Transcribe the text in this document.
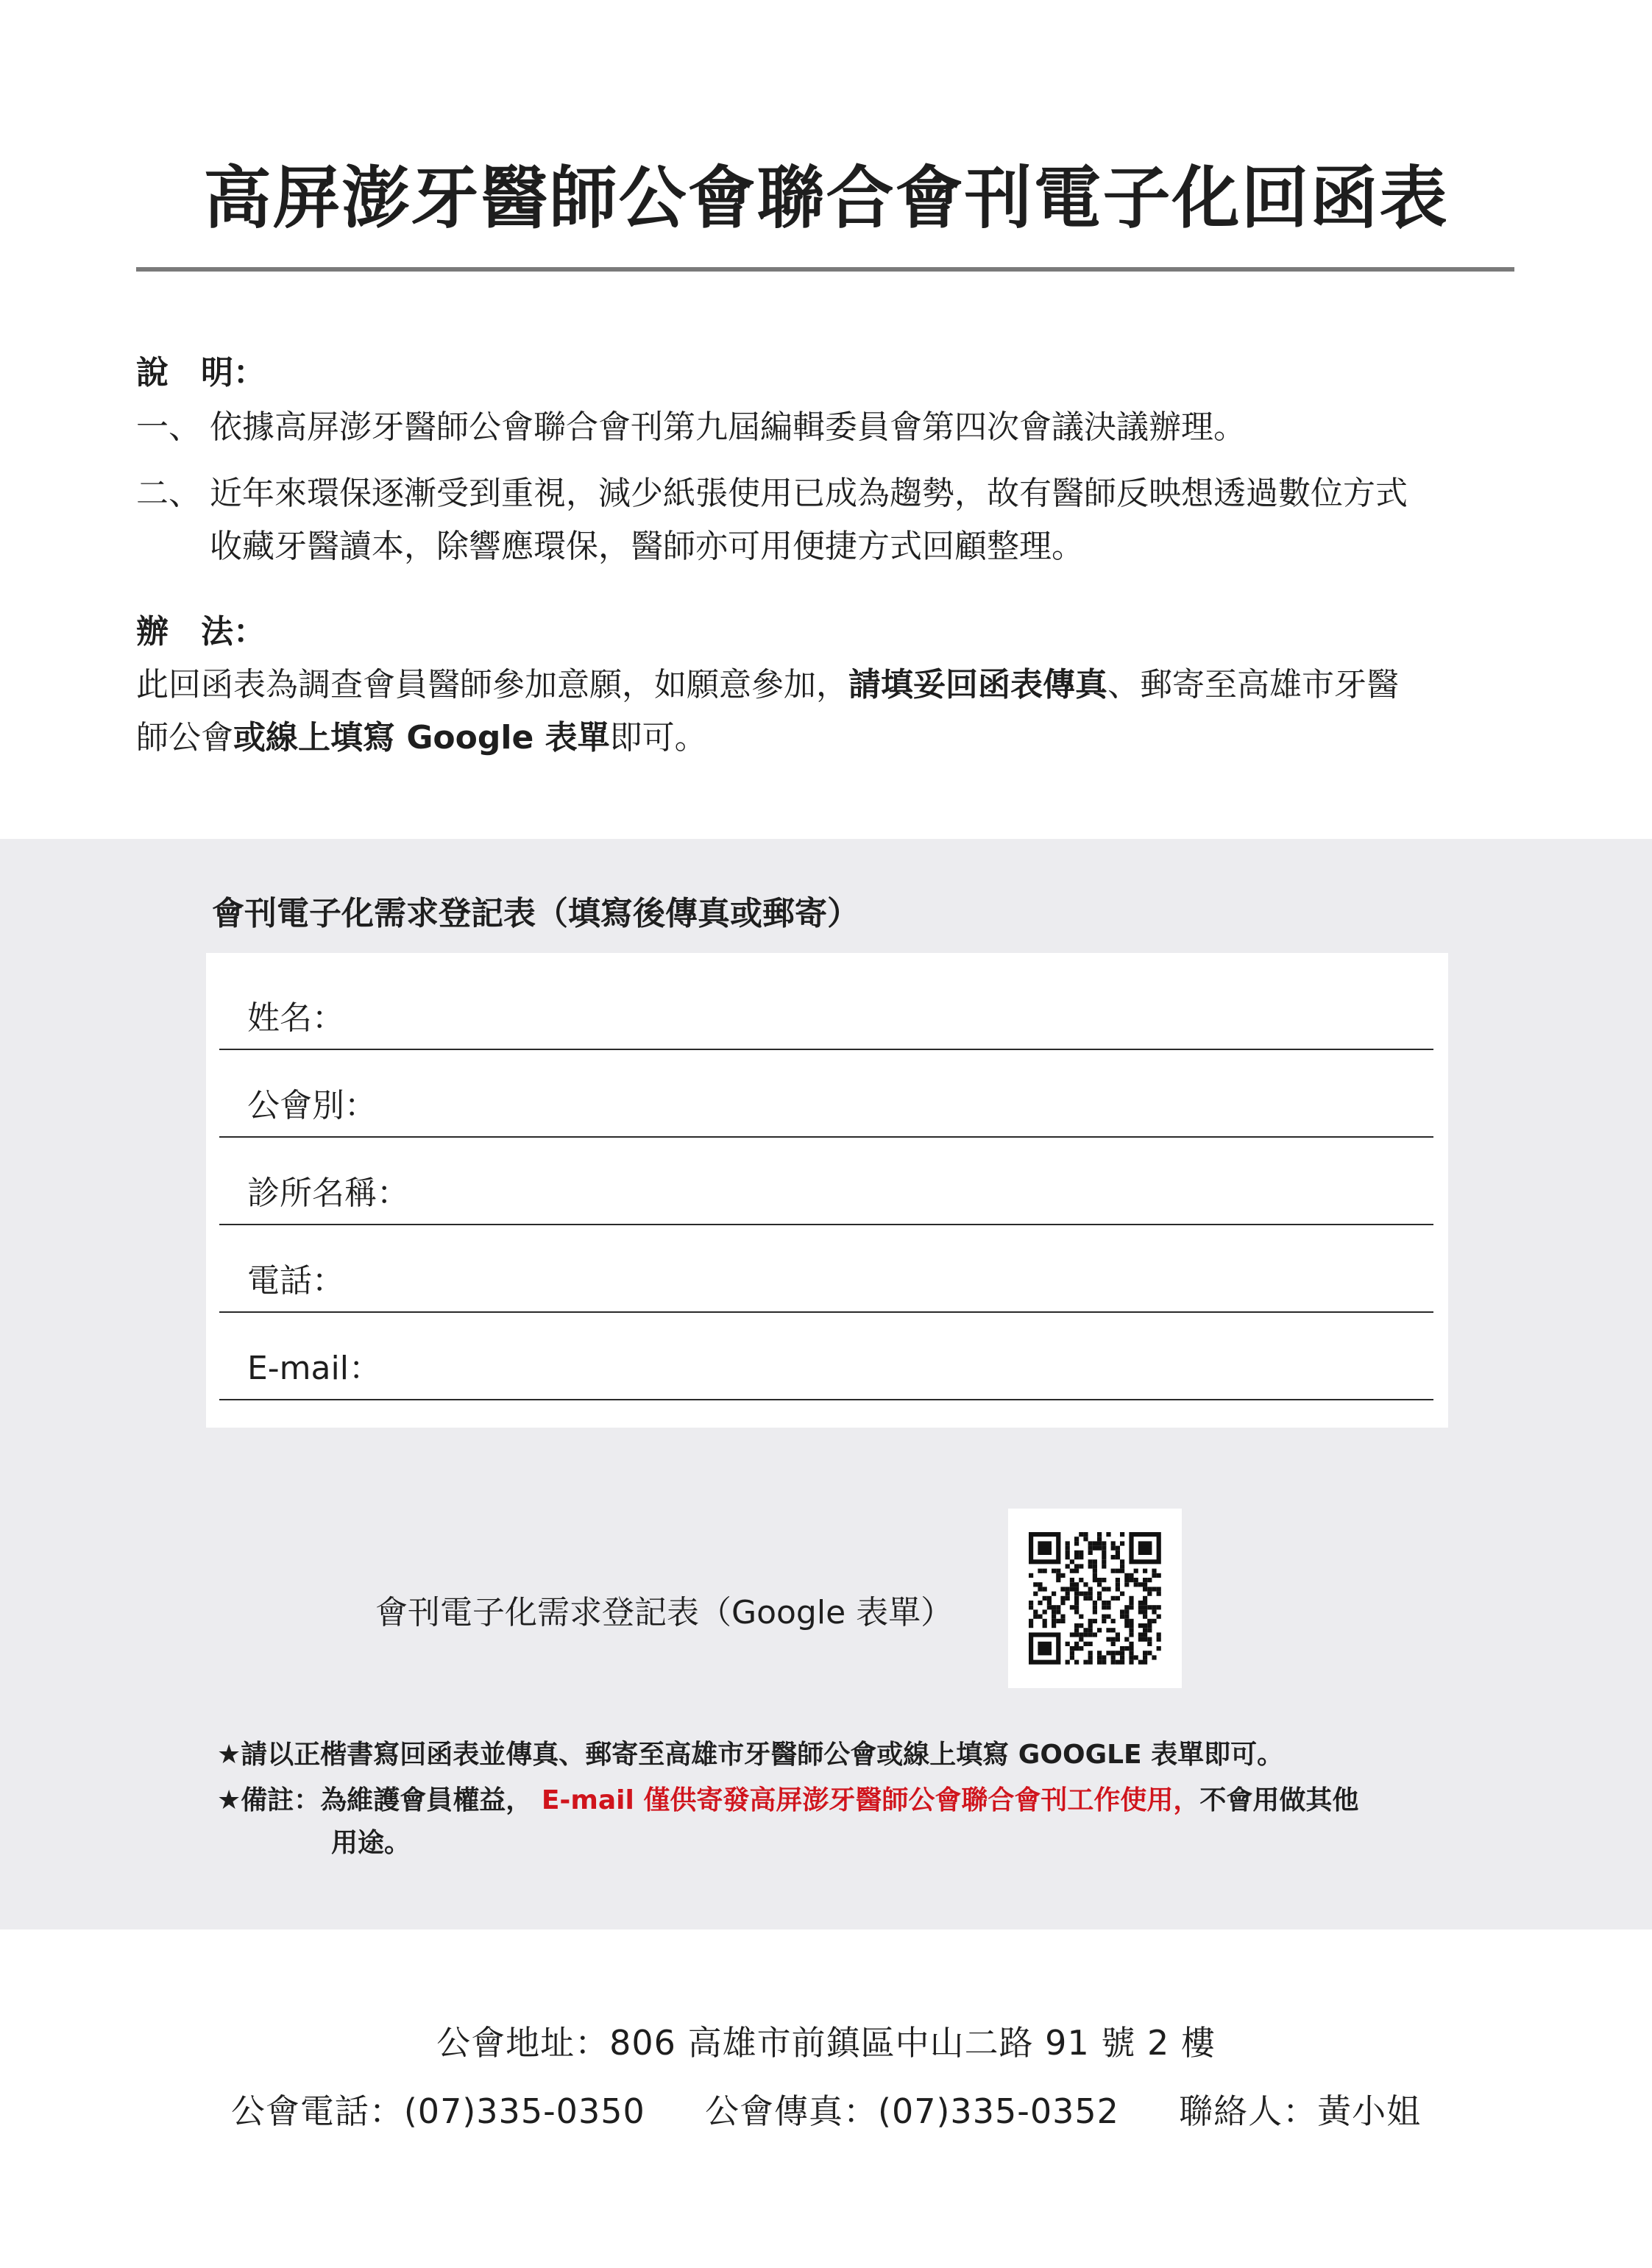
高屏澎牙醫師公會聯合會刊電子化回函表
說　明：
一、 依據高屏澎牙醫師公會聯合會刊第九屆編輯委員會第四次會議決議辦理。
二、 近年來環保逐漸受到重視，減少紙張使用已成為趨勢，故有醫師反映想透過數位方式
收藏牙醫讀本，除響應環保，醫師亦可用便捷方式回顧整理。
辦　法：
此回函表為調查會員醫師參加意願，如願意參加，請填妥回函表傳真、郵寄至高雄市牙醫
師公會或線上填寫 Google 表單即可。
會刊電子化需求登記表（填寫後傳真或郵寄）
姓名：
公會別：
診所名稱：
電話：
E-mail：
會刊電子化需求登記表（Google 表單）
★請以正楷書寫回函表並傳真、郵寄至高雄市牙醫師公會或線上填寫 GOOGLE 表單即可。
★備註：為維護會員權益， E-mail 僅供寄發高屏澎牙醫師公會聯合會刊工作使用，不會用做其他
用途。
公會地址：806 高雄市前鎮區中山二路 91 號 2 樓
公會電話：(07)335-0350 公會傳真：(07)335-0352 聯絡人：黃小姐
